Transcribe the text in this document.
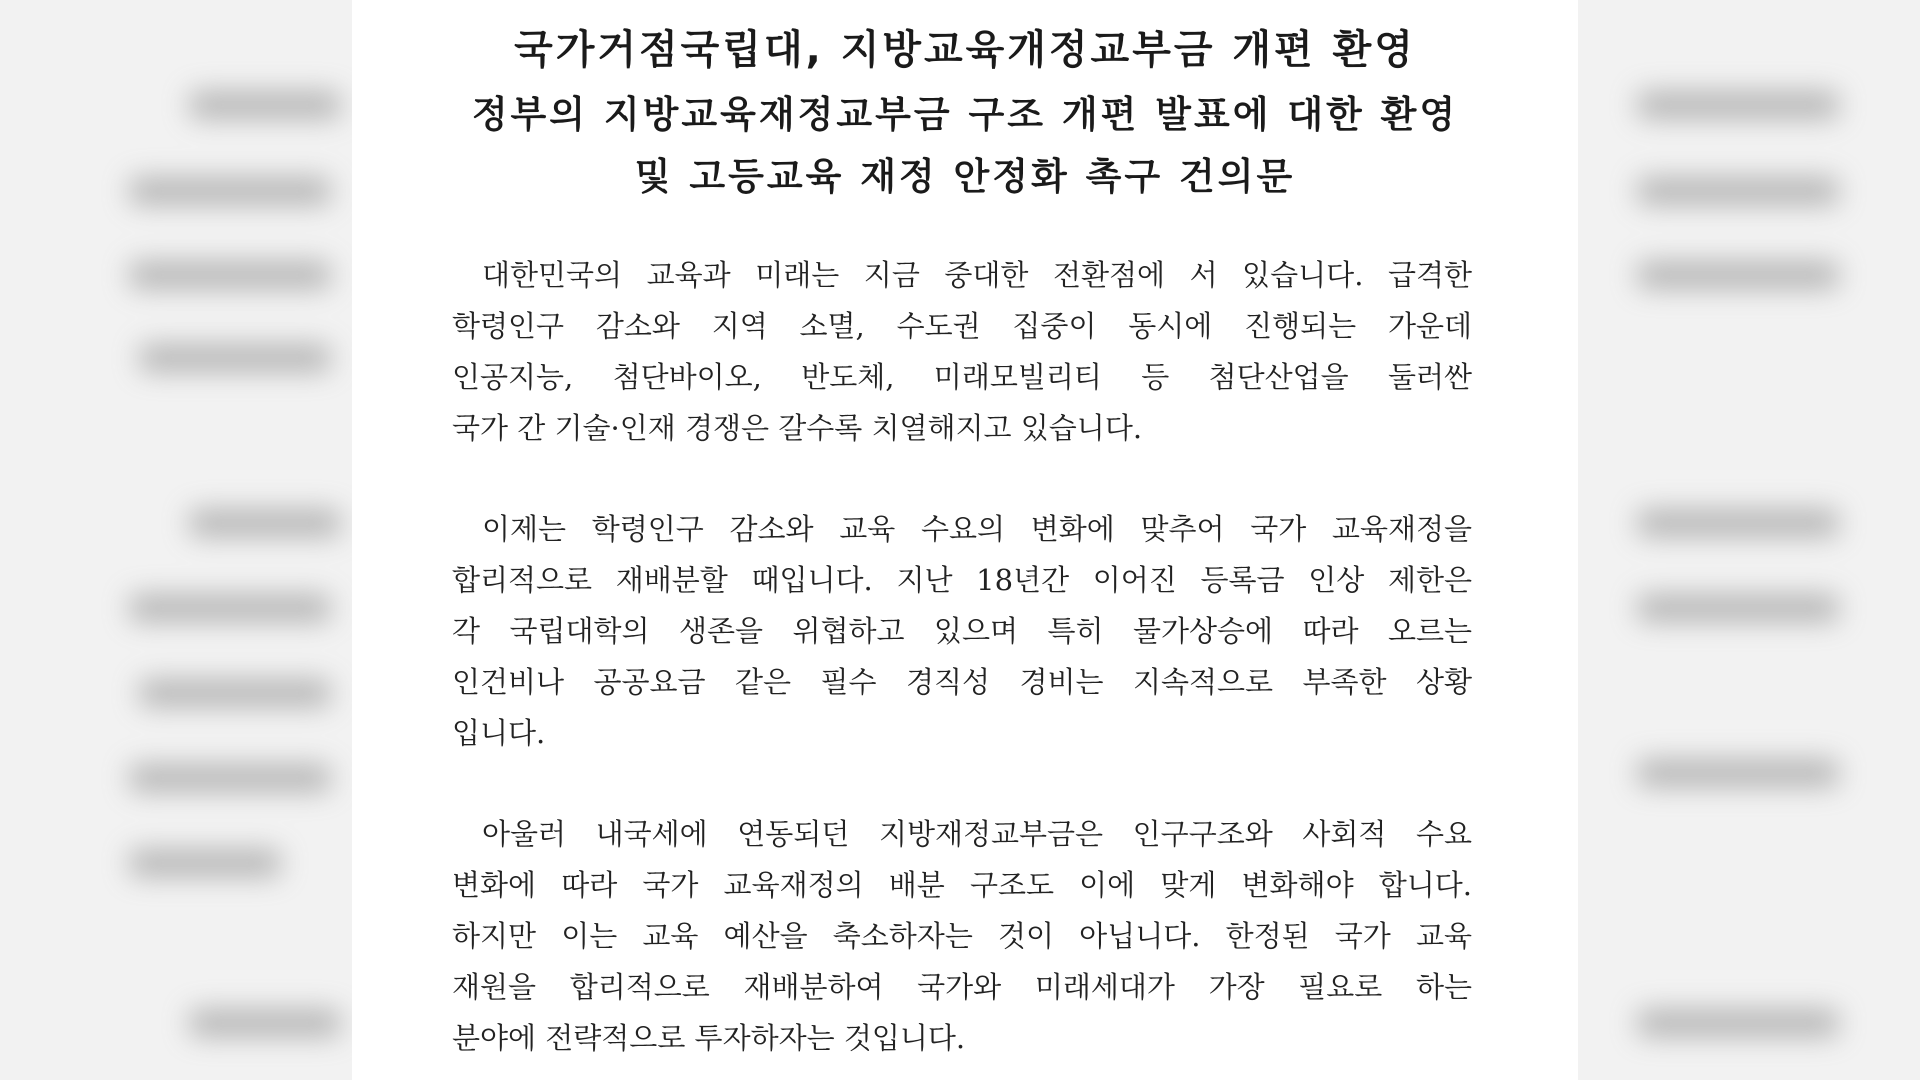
국가거점국립대, 지방교육개정교부금 개편 환영
정부의 지방교육재정교부금 구조 개편 발표에 대한 환영
및 고등교육 재정 안정화 촉구 건의문
대한민국의 교육과 미래는 지금 중대한 전환점에 서 있습니다. 급격한
학령인구 감소와 지역 소멸, 수도권 집중이 동시에 진행되는 가운데
인공지능, 첨단바이오, 반도체, 미래모빌리티 등 첨단산업을 둘러싼
국가 간 기술·인재 경쟁은 갈수록 치열해지고 있습니다.
이제는 학령인구 감소와 교육 수요의 변화에 맞추어 국가 교육재정을
합리적으로 재배분할 때입니다. 지난 18년간 이어진 등록금 인상 제한은
각 국립대학의 생존을 위협하고 있으며 특히 물가상승에 따라 오르는
인건비나 공공요금 같은 필수 경직성 경비는 지속적으로 부족한 상황
입니다.
아울러 내국세에 연동되던 지방재정교부금은 인구구조와 사회적 수요
변화에 따라 국가 교육재정의 배분 구조도 이에 맞게 변화해야 합니다.
하지만 이는 교육 예산을 축소하자는 것이 아닙니다. 한정된 국가 교육
재원을 합리적으로 재배분하여 국가와 미래세대가 가장 필요로 하는
분야에 전략적으로 투자하자는 것입니다.
